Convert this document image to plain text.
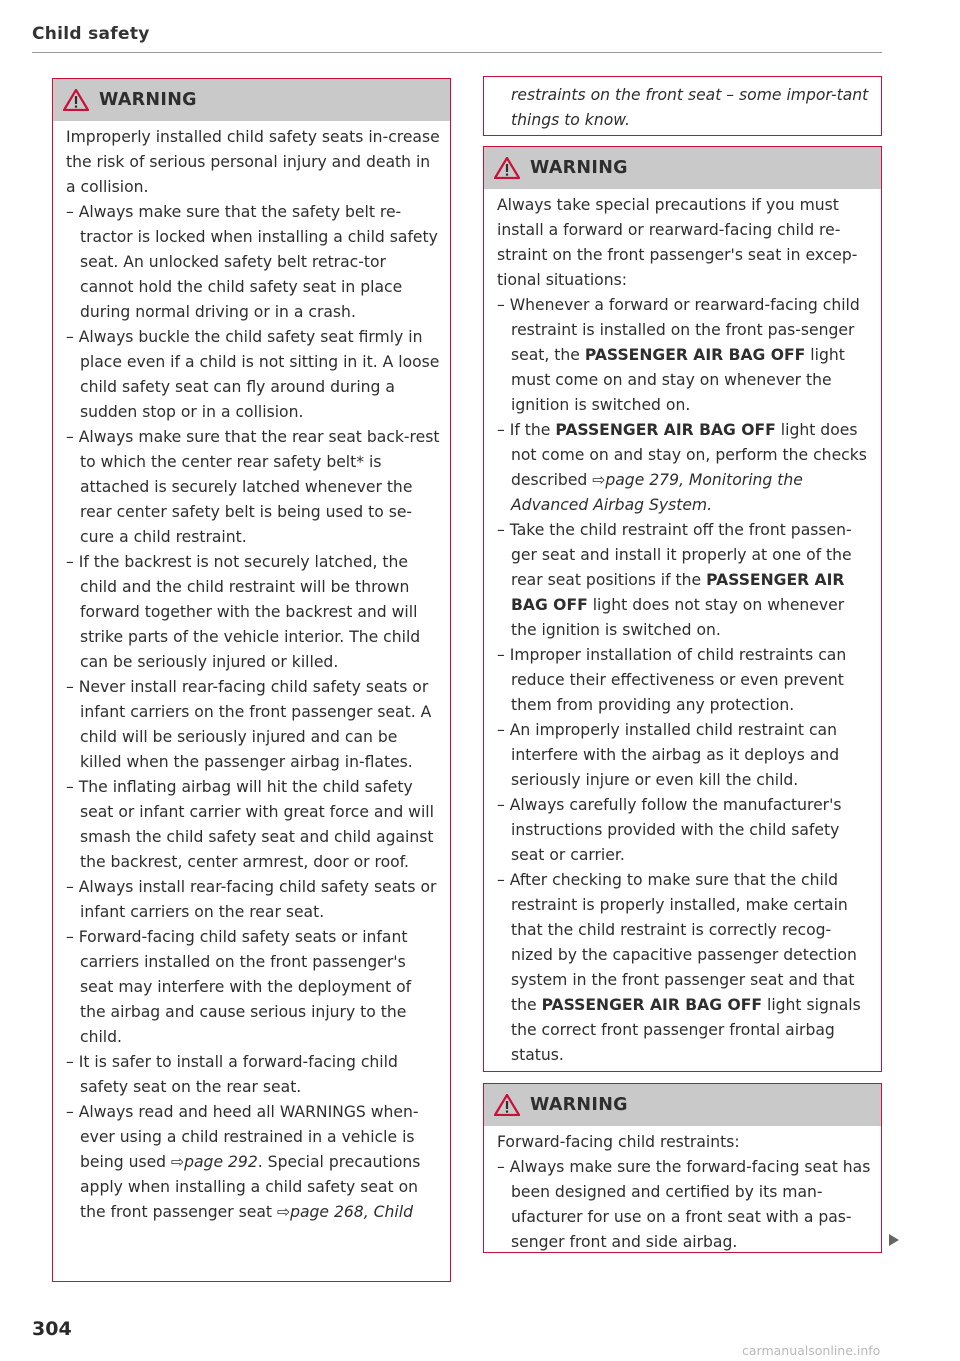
Child safety
WARNING

Improperly installed child safety seats in-crease the risk of serious personal injury and death in a collision.

– Always make sure that the safety belt re-tractor is locked when installing a child safety seat. An unlocked safety belt retrac-tor cannot hold the child safety seat in place during normal driving or in a crash.

– Always buckle the child safety seat firmly in place even if a child is not sitting in it. A loose child safety seat can fly around during a sudden stop or in a collision.

– Always make sure that the rear seat back-rest to which the center rear safety belt* is attached is securely latched whenever the rear center safety belt is being used to se-cure a child restraint.

– If the backrest is not securely latched, the child and the child restraint will be thrown forward together with the backrest and will strike parts of the vehicle interior. The child can be seriously injured or killed.

– Never install rear-facing child safety seats or infant carriers on the front passenger seat. A child will be seriously injured and can be killed when the passenger airbag in-flates.

– The inflating airbag will hit the child safety seat or infant carrier with great force and will smash the child safety seat and child against the backrest, center armrest, door or roof.

– Always install rear-facing child safety seats or infant carriers on the rear seat.

– Forward-facing child safety seats or infant carriers installed on the front passenger's seat may interfere with the deployment of the airbag and cause serious injury to the child.

– It is safer to install a forward-facing child safety seat on the rear seat.

– Always read and heed all WARNINGS when-ever using a child restrained in a vehicle is being used ⇨page 292. Special precautions apply when installing a child safety seat on the front passenger seat ⇨page 268, Child

restraints on the front seat – some impor-tant things to know.
WARNING

Always take special precautions if you must install a forward or rearward-facing child re-straint on the front passenger's seat in excep-tional situations:

– Whenever a forward or rearward-facing child restraint is installed on the front pas-senger seat, the PASSENGER AIR BAG OFF light must come on and stay on whenever the ignition is switched on.

– If the PASSENGER AIR BAG OFF light does not come on and stay on, perform the checks described ⇨page 279, Monitoring the Advanced Airbag System.

– Take the child restraint off the front passen-ger seat and install it properly at one of the rear seat positions if the PASSENGER AIR BAG OFF light does not stay on whenever the ignition is switched on.

– Improper installation of child restraints can reduce their effectiveness or even prevent them from providing any protection.

– An improperly installed child restraint can interfere with the airbag as it deploys and seriously injure or even kill the child.

– Always carefully follow the manufacturer's instructions provided with the child safety seat or carrier.

– After checking to make sure that the child restraint is properly installed, make certain that the child restraint is correctly recog-nized by the capacitive passenger detection system in the front passenger seat and that the PASSENGER AIR BAG OFF light signals the correct front passenger frontal airbag status.

WARNING

Forward-facing child restraints:

– Always make sure the forward-facing seat has been designed and certified by its man-ufacturer for use on a front seat with a pas-senger front and side airbag.

304
carmanualsonline.info
